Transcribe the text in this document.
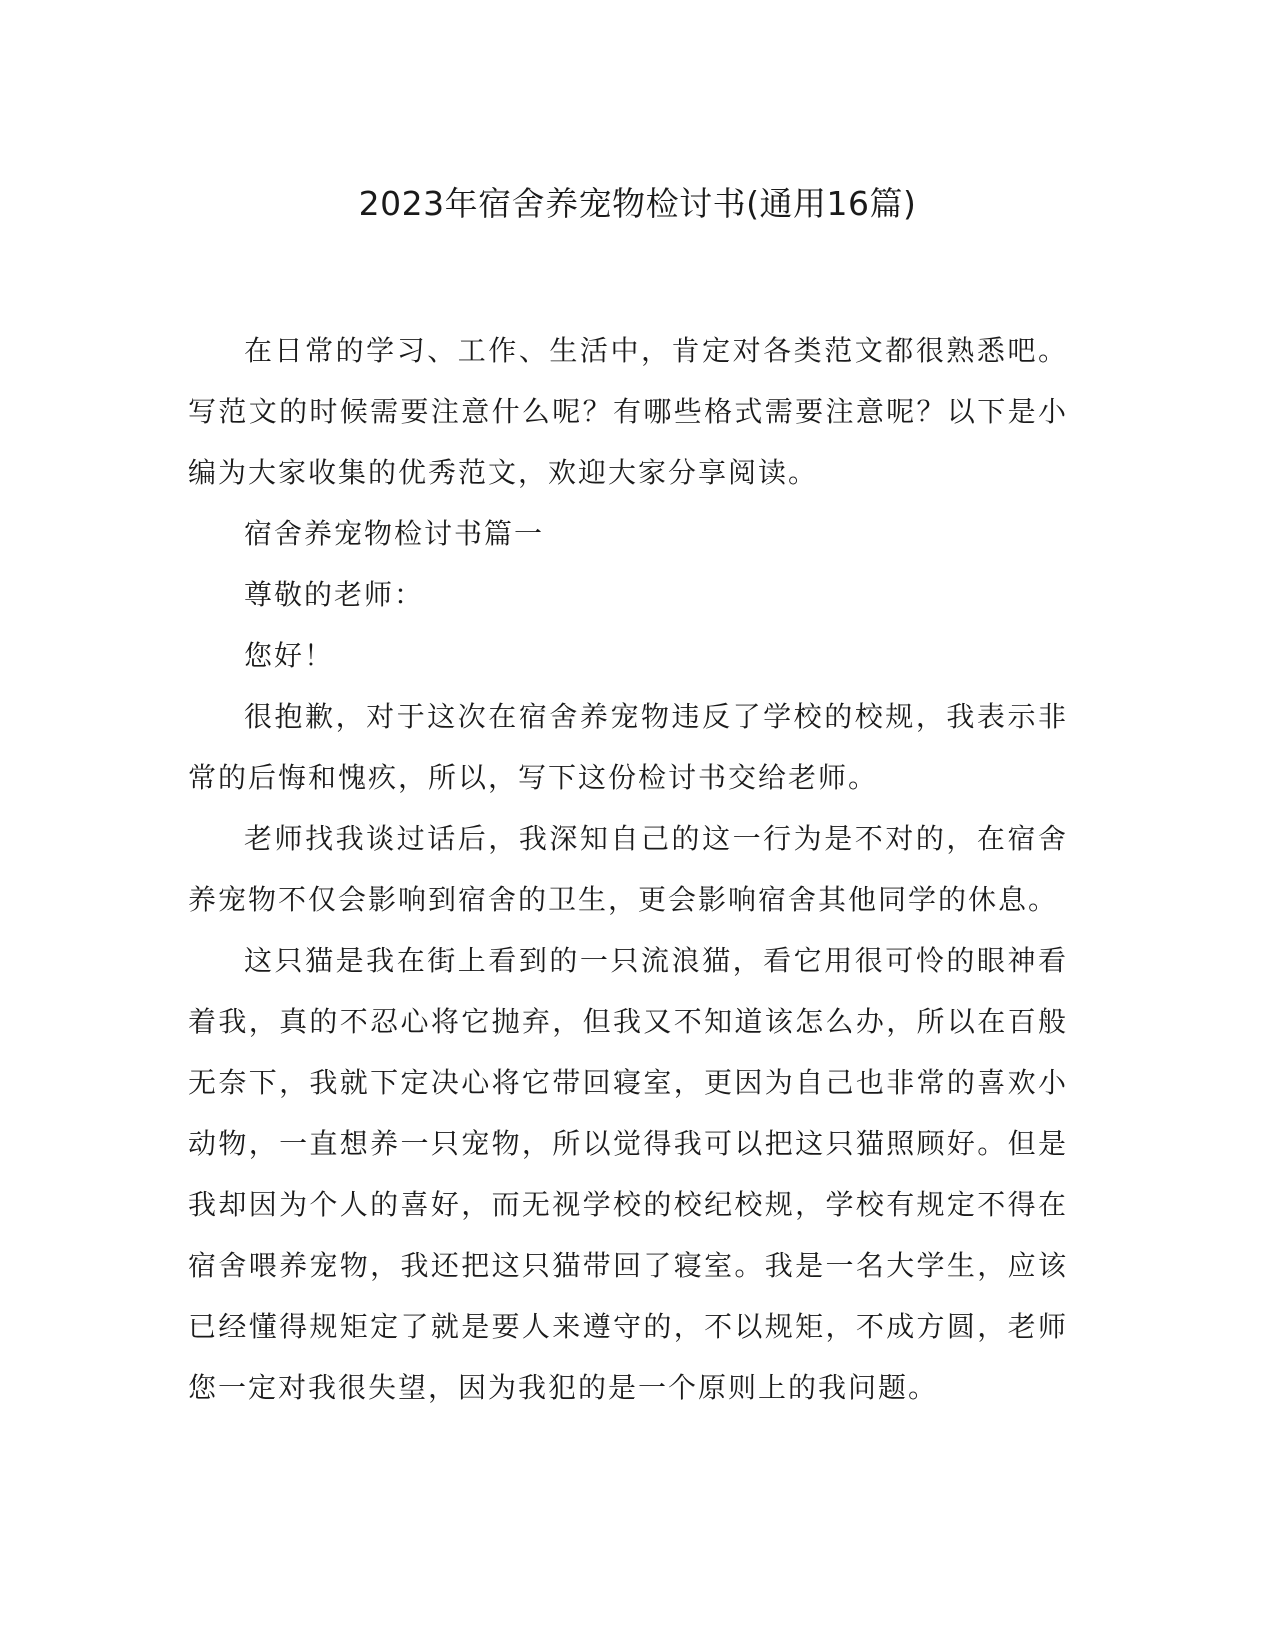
2023年宿舍养宠物检讨书(通用16篇)

在日常的学习、工作、生活中，肯定对各类范文都很熟悉吧。写范文的时候需要注意什么呢？有哪些格式需要注意呢？以下是小编为大家收集的优秀范文，欢迎大家分享阅读。

宿舍养宠物检讨书篇一

尊敬的老师：

您好！

很抱歉，对于这次在宿舍养宠物违反了学校的校规，我表示非常的后悔和愧疚，所以，写下这份检讨书交给老师。

老师找我谈过话后，我深知自己的这一行为是不对的，在宿舍养宠物不仅会影响到宿舍的卫生，更会影响宿舍其他同学的休息。

这只猫是我在街上看到的一只流浪猫，看它用很可怜的眼神看着我，真的不忍心将它抛弃，但我又不知道该怎么办，所以在百般无奈下，我就下定决心将它带回寝室，更因为自己也非常的喜欢小动物，一直想养一只宠物，所以觉得我可以把这只猫照顾好。但是我却因为个人的喜好，而无视学校的校纪校规，学校有规定不得在宿舍喂养宠物，我还把这只猫带回了寝室。我是一名大学生，应该已经懂得规矩定了就是要人来遵守的，不以规矩，不成方圆，老师您一定对我很失望，因为我犯的是一个原则上的我问题。
